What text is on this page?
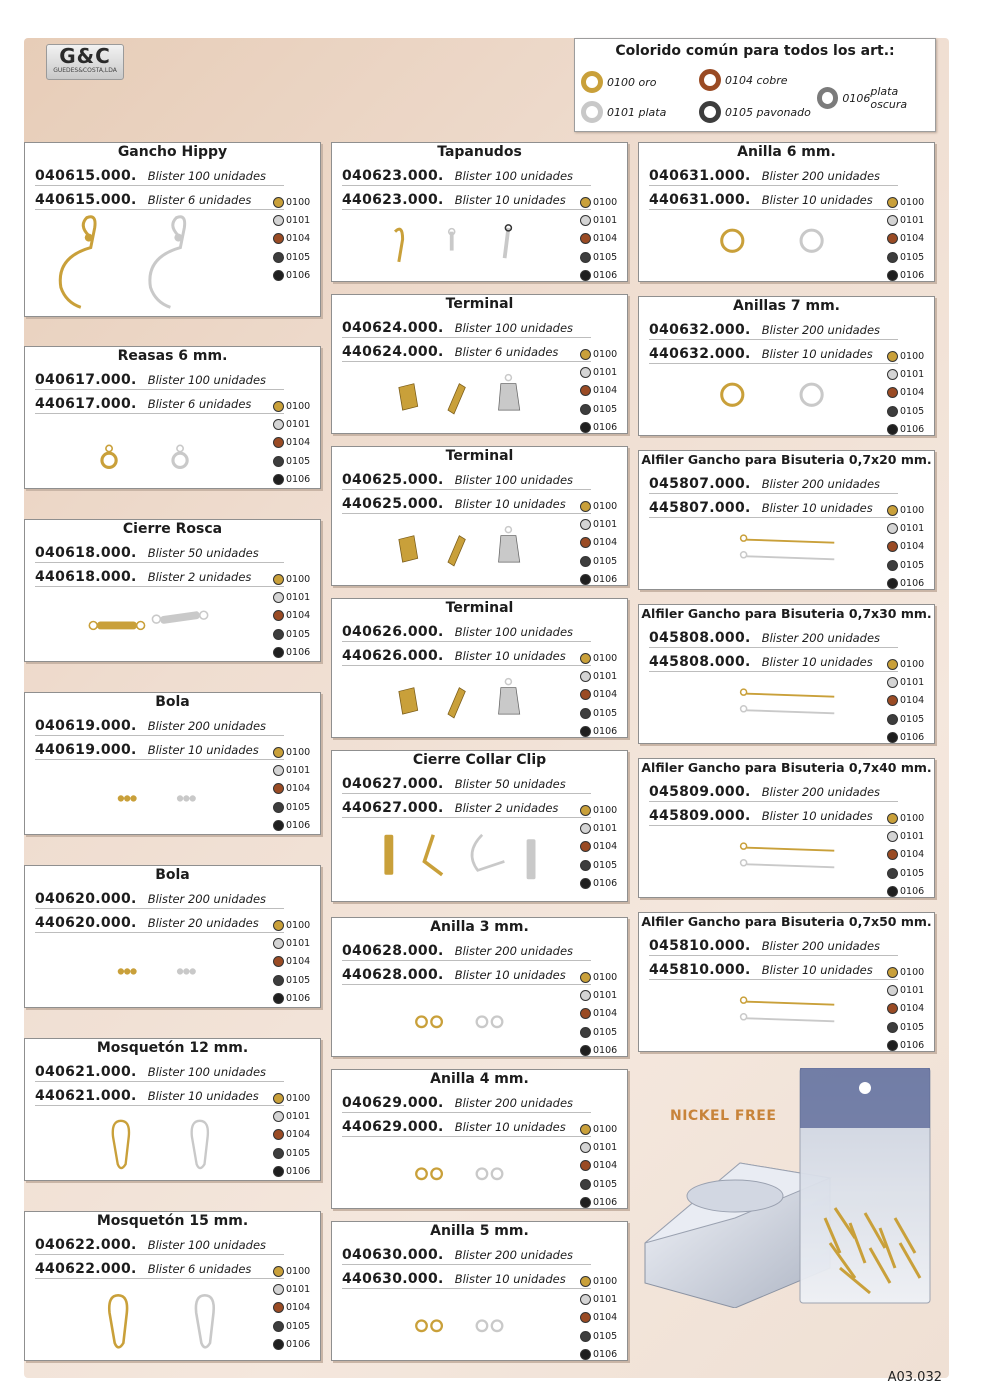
G&C
GUEDES&COSTA,LDA
Colorido común para todos los art.:
0100
oro
0101
plata
0104
cobre
0105
pavonado
0106 plata oscura
Gancho Hippy
040615.000. Blister 100 unidades
440615.000. Blister 6 unidades	0100
0101
0104
0105
0106
Reasas 6 mm.
040617.000. Blister 100 unidades
440617.000. Blister 6 unidades	0100
0101
0104
0105
0106
Cierre Rosca
040618.000. Blister 50 unidades
440618.000. Blister 2 unidades	0100
0101
0104
0105
0106
Bola
040619.000. Blister 200 unidades
440619.000. Blister 10 unidades	0100
0101
0104
0105
0106
Bola
040620.000. Blister 200 unidades
440620.000. Blister 20 unidades	0100
0101
0104
0105
0106
Mosquetón 12 mm.
040621.000. Blister 100 unidades
440621.000. Blister 10 unidades	0100
0101
0104
0105
0106
Mosquetón 15 mm.
040622.000. Blister 100 unidades
440622.000. Blister 6 unidades	0100
0101
0104
0105
0106
Tapanudos
040623.000. Blister 100 unidades
440623.000. Blister 10 unidades	0100
0101
0104
0105
0106
Terminal
040624.000. Blister 100 unidades
440624.000. Blister 6 unidades	0100
0101
0104
0105
0106
Terminal
040625.000. Blister 100 unidades
440625.000. Blister 10 unidades	0100
0101
0104
0105
0106
Terminal
040626.000. Blister 100 unidades
440626.000. Blister 10 unidades	0100
0101
0104
0105
0106
Cierre Collar Clip
040627.000. Blister 50 unidades
440627.000. Blister 2 unidades	0100
0101
0104
0105
0106
Anilla 3 mm.
040628.000. Blister 200 unidades
440628.000. Blister 10 unidades	0100
0101
0104
0105
0106
Anilla 4 mm.
040629.000. Blister 200 unidades
440629.000. Blister 10 unidades	0100
0101
0104
0105
0106
Anilla 5 mm.
040630.000. Blister 200 unidades
440630.000. Blister 10 unidades	0100
0101
0104
0105
0106
Anilla 6 mm.
040631.000. Blister 200 unidades
440631.000. Blister 10 unidades	0100
0101
0104
0105
0106
Anillas 7 mm.
040632.000. Blister 200 unidades
440632.000. Blister 10 unidades	0100
0101
0104
0105
0106
Alfiler Gancho para Bisuteria 0,7x20 mm.
045807.000. Blister 200 unidades
445807.000. Blister 10 unidades	0100
0101
0104
0105
0106
Alfiler Gancho para Bisuteria 0,7x30 mm.
045808.000. Blister 200 unidades
445808.000. Blister 10 unidades	0100
0101
0104
0105
0106
Alfiler Gancho para Bisuteria 0,7x40 mm.
045809.000. Blister 200 unidades
445809.000. Blister 10 unidades	0100
0101
0104
0105
0106
Alfiler Gancho para Bisuteria 0,7x50 mm.
045810.000. Blister 200 unidades
445810.000. Blister 10 unidades	0100
0101
0104
0105
0106
NICKEL FREE
A03.032
